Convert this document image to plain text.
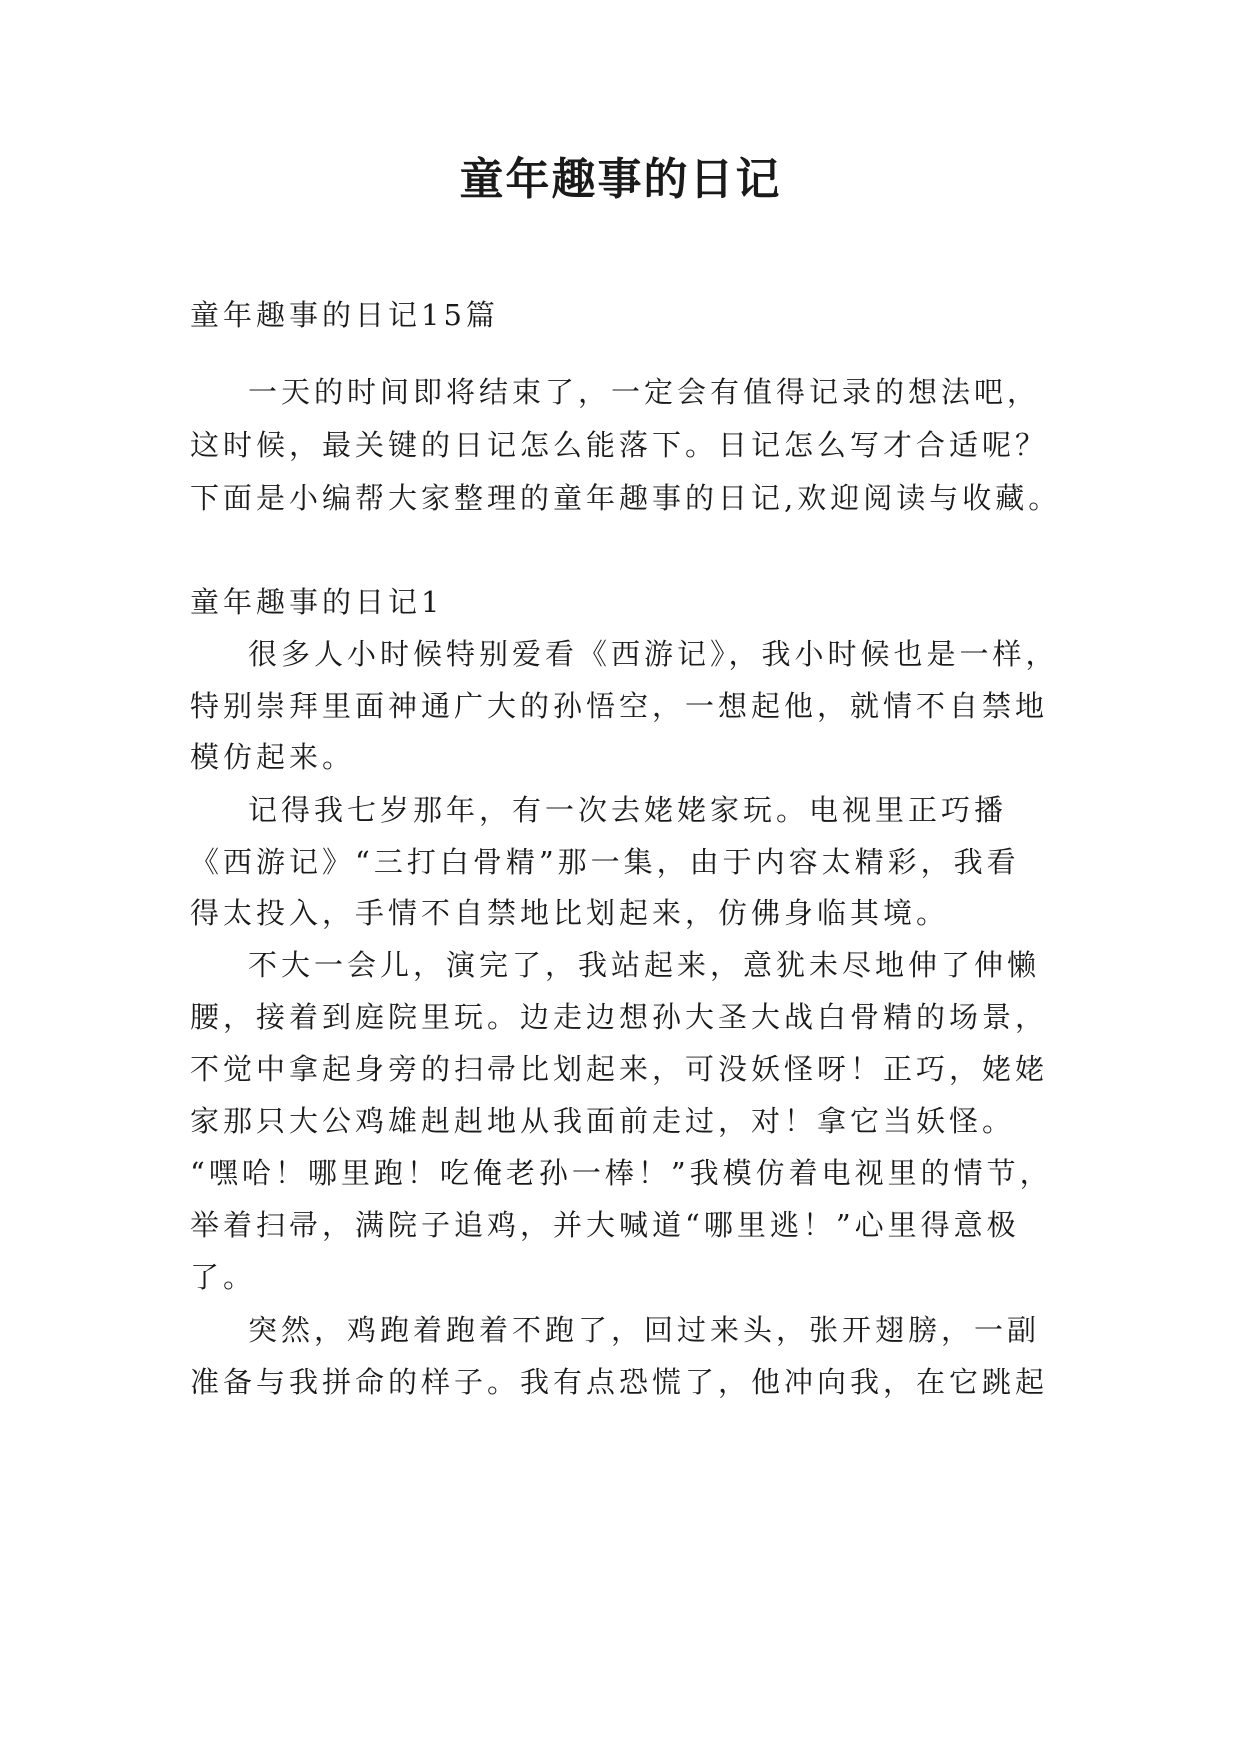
童年趣事的日记
童年趣事的日记15篇
一天的时间即将结束了，一定会有值得记录的想法吧，
这时候，最关键的日记怎么能落下。日记怎么写才合适呢？
下面是小编帮大家整理的童年趣事的日记,欢迎阅读与收藏。
童年趣事的日记1
很多人小时候特别爱看《西游记》，我小时候也是一样，
特别崇拜里面神通广大的孙悟空，一想起他，就情不自禁地
模仿起来。
记得我七岁那年，有一次去姥姥家玩。电视里正巧播
《西游记》“三打白骨精”那一集，由于内容太精彩，我看
得太投入，手情不自禁地比划起来，仿佛身临其境。
不大一会儿，演完了，我站起来，意犹未尽地伸了伸懒
腰，接着到庭院里玩。边走边想孙大圣大战白骨精的场景，
不觉中拿起身旁的扫帚比划起来，可没妖怪呀！正巧，姥姥
家那只大公鸡雄赳赳地从我面前走过，对！拿它当妖怪。
“嘿哈！哪里跑！吃俺老孙一棒！”我模仿着电视里的情节，
举着扫帚，满院子追鸡，并大喊道“哪里逃！”心里得意极
了。
突然，鸡跑着跑着不跑了，回过来头，张开翅膀，一副
准备与我拼命的样子。我有点恐慌了，他冲向我，在它跳起
